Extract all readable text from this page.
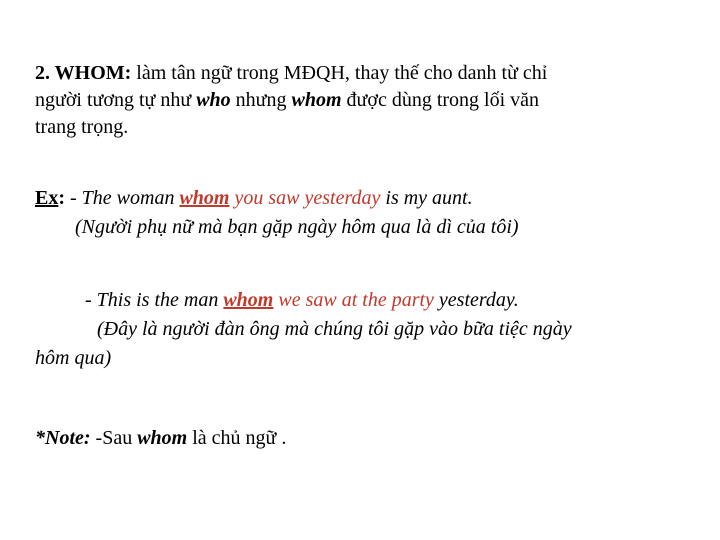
2. WHOM: làm tân ngữ trong MĐQH, thay thế cho danh từ chỉ
người tương tự như who nhưng whom được dùng trong lối văn
trang trọng.
Ex: - The woman whom you saw yesterday is my aunt.
(Người phụ nữ mà bạn gặp ngày hôm qua là dì của tôi)
- This is the man whom we saw at the party yesterday.
(Đây là người đàn ông mà chúng tôi gặp vào bữa tiệc ngày
hôm qua)
*Note: -Sau whom là chủ ngữ .
